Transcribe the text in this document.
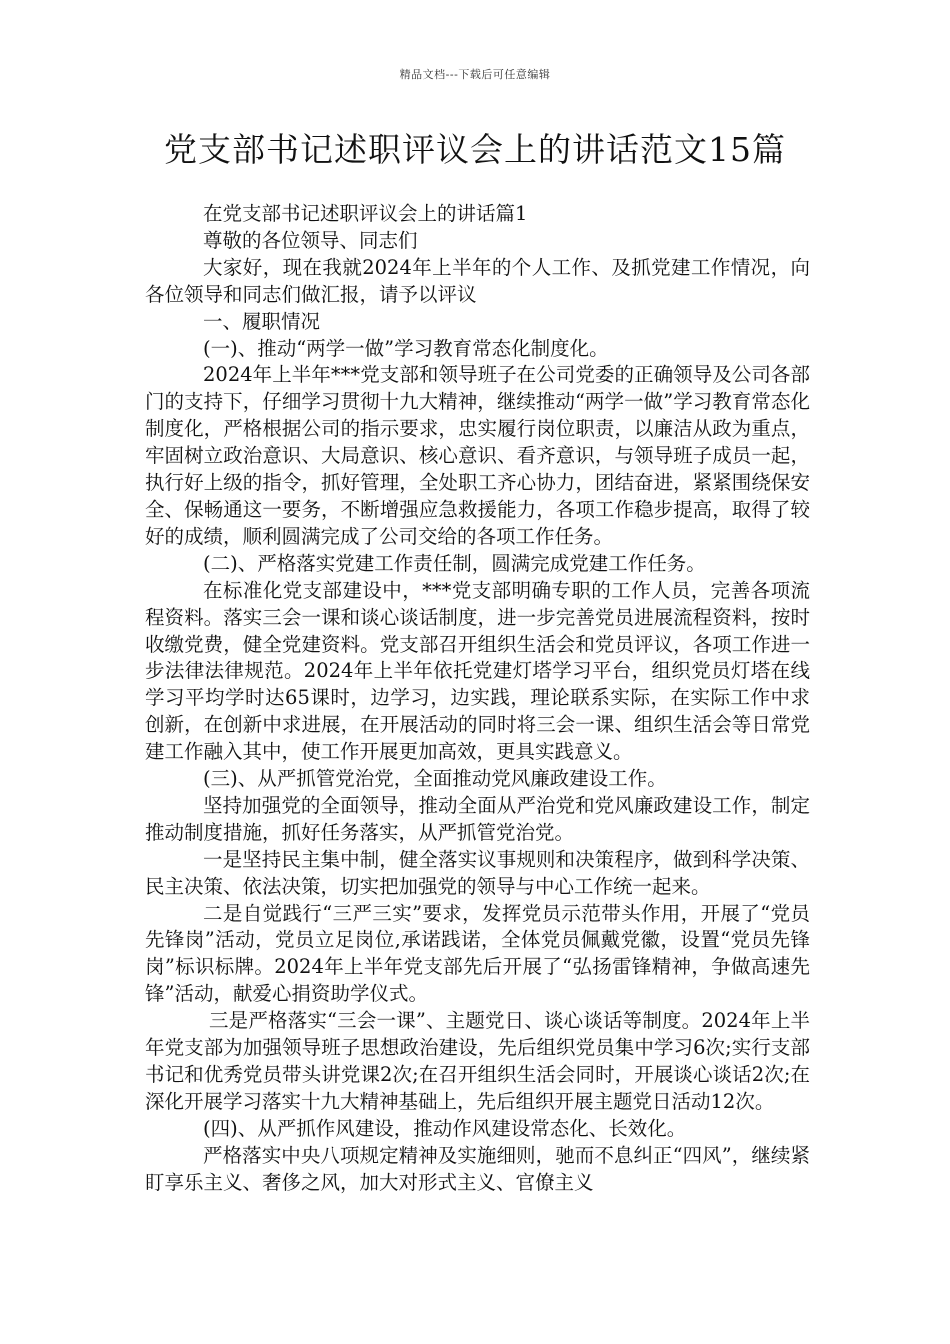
精品文档---下载后可任意编辑
党支部书记述职评议会上的讲话范文15篇

在党支部书记述职评议会上的讲话篇1

尊敬的各位领导、同志们

大家好，现在我就2024年上半年的个人工作、及抓党建工作情况，向各位领导和同志们做汇报，请予以评议

一、履职情况

(一)、推动“两学一做”学习教育常态化制度化。

2024年上半年***党支部和领导班子在公司党委的正确领导及公司各部门的支持下，仔细学习贯彻十九大精神，继续推动“两学一做”学习教育常态化制度化，严格根据公司的指示要求，忠实履行岗位职责，以廉洁从政为重点，牢固树立政治意识、大局意识、核心意识、看齐意识，与领导班子成员一起，执行好上级的指令，抓好管理，全处职工齐心协力，团结奋进，紧紧围绕保安全、保畅通这一要务，不断增强应急救援能力，各项工作稳步提高，取得了较好的成绩，顺利圆满完成了公司交给的各项工作任务。

(二)、严格落实党建工作责任制，圆满完成党建工作任务。

在标准化党支部建设中，***党支部明确专职的工作人员，完善各项流程资料。落实三会一课和谈心谈话制度，进一步完善党员进展流程资料，按时收缴党费，健全党建资料。党支部召开组织生活会和党员评议，各项工作进一步法律法律规范。2024年上半年依托党建灯塔学习平台，组织党员灯塔在线学习平均学时达65课时，边学习，边实践，理论联系实际，在实际工作中求创新，在创新中求进展，在开展活动的同时将三会一课、组织生活会等日常党建工作融入其中，使工作开展更加高效，更具实践意义。

(三)、从严抓管党治党，全面推动党风廉政建设工作。

坚持加强党的全面领导，推动全面从严治党和党风廉政建设工作，制定推动制度措施，抓好任务落实，从严抓管党治党。

一是坚持民主集中制，健全落实议事规则和决策程序，做到科学决策、民主决策、依法决策，切实把加强党的领导与中心工作统一起来。

二是自觉践行“三严三实”要求，发挥党员示范带头作用，开展了“党员先锋岗”活动，党员立足岗位,承诺践诺，全体党员佩戴党徽，设置“党员先锋岗”标识标牌。2024年上半年党支部先后开展了“弘扬雷锋精神，争做高速先锋”活动，献爱心捐资助学仪式。

三是严格落实“三会一课”、主题党日、谈心谈话等制度。2024年上半年党支部为加强领导班子思想政治建设，先后组织党员集中学习6次;实行支部书记和优秀党员带头讲党课2次;在召开组织生活会同时，开展谈心谈话2次;在深化开展学习落实十九大精神基础上，先后组织开展主题党日活动12次。

(四)、从严抓作风建设，推动作风建设常态化、长效化。

严格落实中央八项规定精神及实施细则，驰而不息纠正“四风”，继续紧盯享乐主义、奢侈之风，加大对形式主义、官僚主义
